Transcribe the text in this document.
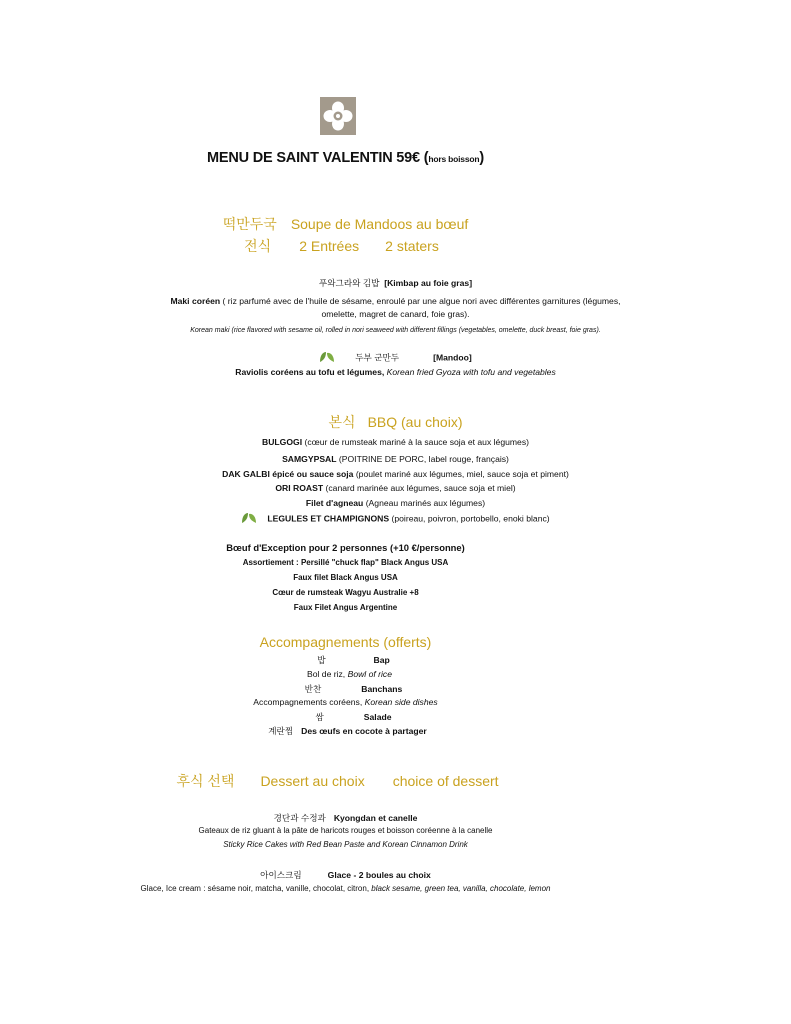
MENU DE SAINT VALENTIN 59€ (hors boisson)
떡만두국 Soupe de Mandoos au bœuf
전식 2 Entrées 2 staters
푸와그라와 김밥 [Kimbap au foie gras]
Maki coréen ( riz parfumé avec de l'huile de sésame, enroulé par une algue nori avec différentes garnitures (légumes,
omelette, magret de canard, foie gras).
Korean maki (rice flavored with sesame oil, rolled in nori seaweed with different fillings (vegetables, omelette, duck breast, foie gras).
두부 군만두	[Mandoo]
Raviolis coréens au tofu et légumes, Korean fried Gyoza with tofu and vegetables
본식 BBQ (au choix)
BULGOGI (cœur de rumsteak mariné à la sauce soja et aux légumes)
SAMGYPSAL (POITRINE DE PORC, label rouge, français)
DAK GALBI épicé ou sauce soja (poulet mariné aux légumes, miel, sauce soja et piment)
ORI ROAST (canard marinée aux légumes, sauce soja et miel)
Filet d'agneau (Agneau marinés aux légumes)
LEGULES ET CHAMPIGNONS (poireau, poivron, portobello, enoki blanc)
Bœuf d'Exception pour 2 personnes (+10 €/personne)
Assortiement : Persillé "chuck flap" Black Angus USA
Faux filet Black Angus USA
Cœur de rumsteak Wagyu Australie +8
Faux Filet Angus Argentine
Accompagnements (offerts)
밥	Bap
Bol de riz, Bowl of rice
반찬	Banchans
Accompagnements coréens, Korean side dishes
쌈	Salade
계란찜 Des œufs en cocote à partager
후식 선택 Dessert au choix choice of dessert
경단과 수정과 Kyongdan et canelle
Gateaux de riz gluant à la pâte de haricots rouges et boisson coréenne à la canelle
Sticky Rice Cakes with Red Bean Paste and Korean Cinnamon Drink
아이스크림	Glace - 2 boules au choix
Glace, Ice cream : sésame noir, matcha, vanille, chocolat, citron, black sesame, green tea, vanilla, chocolate, lemon
